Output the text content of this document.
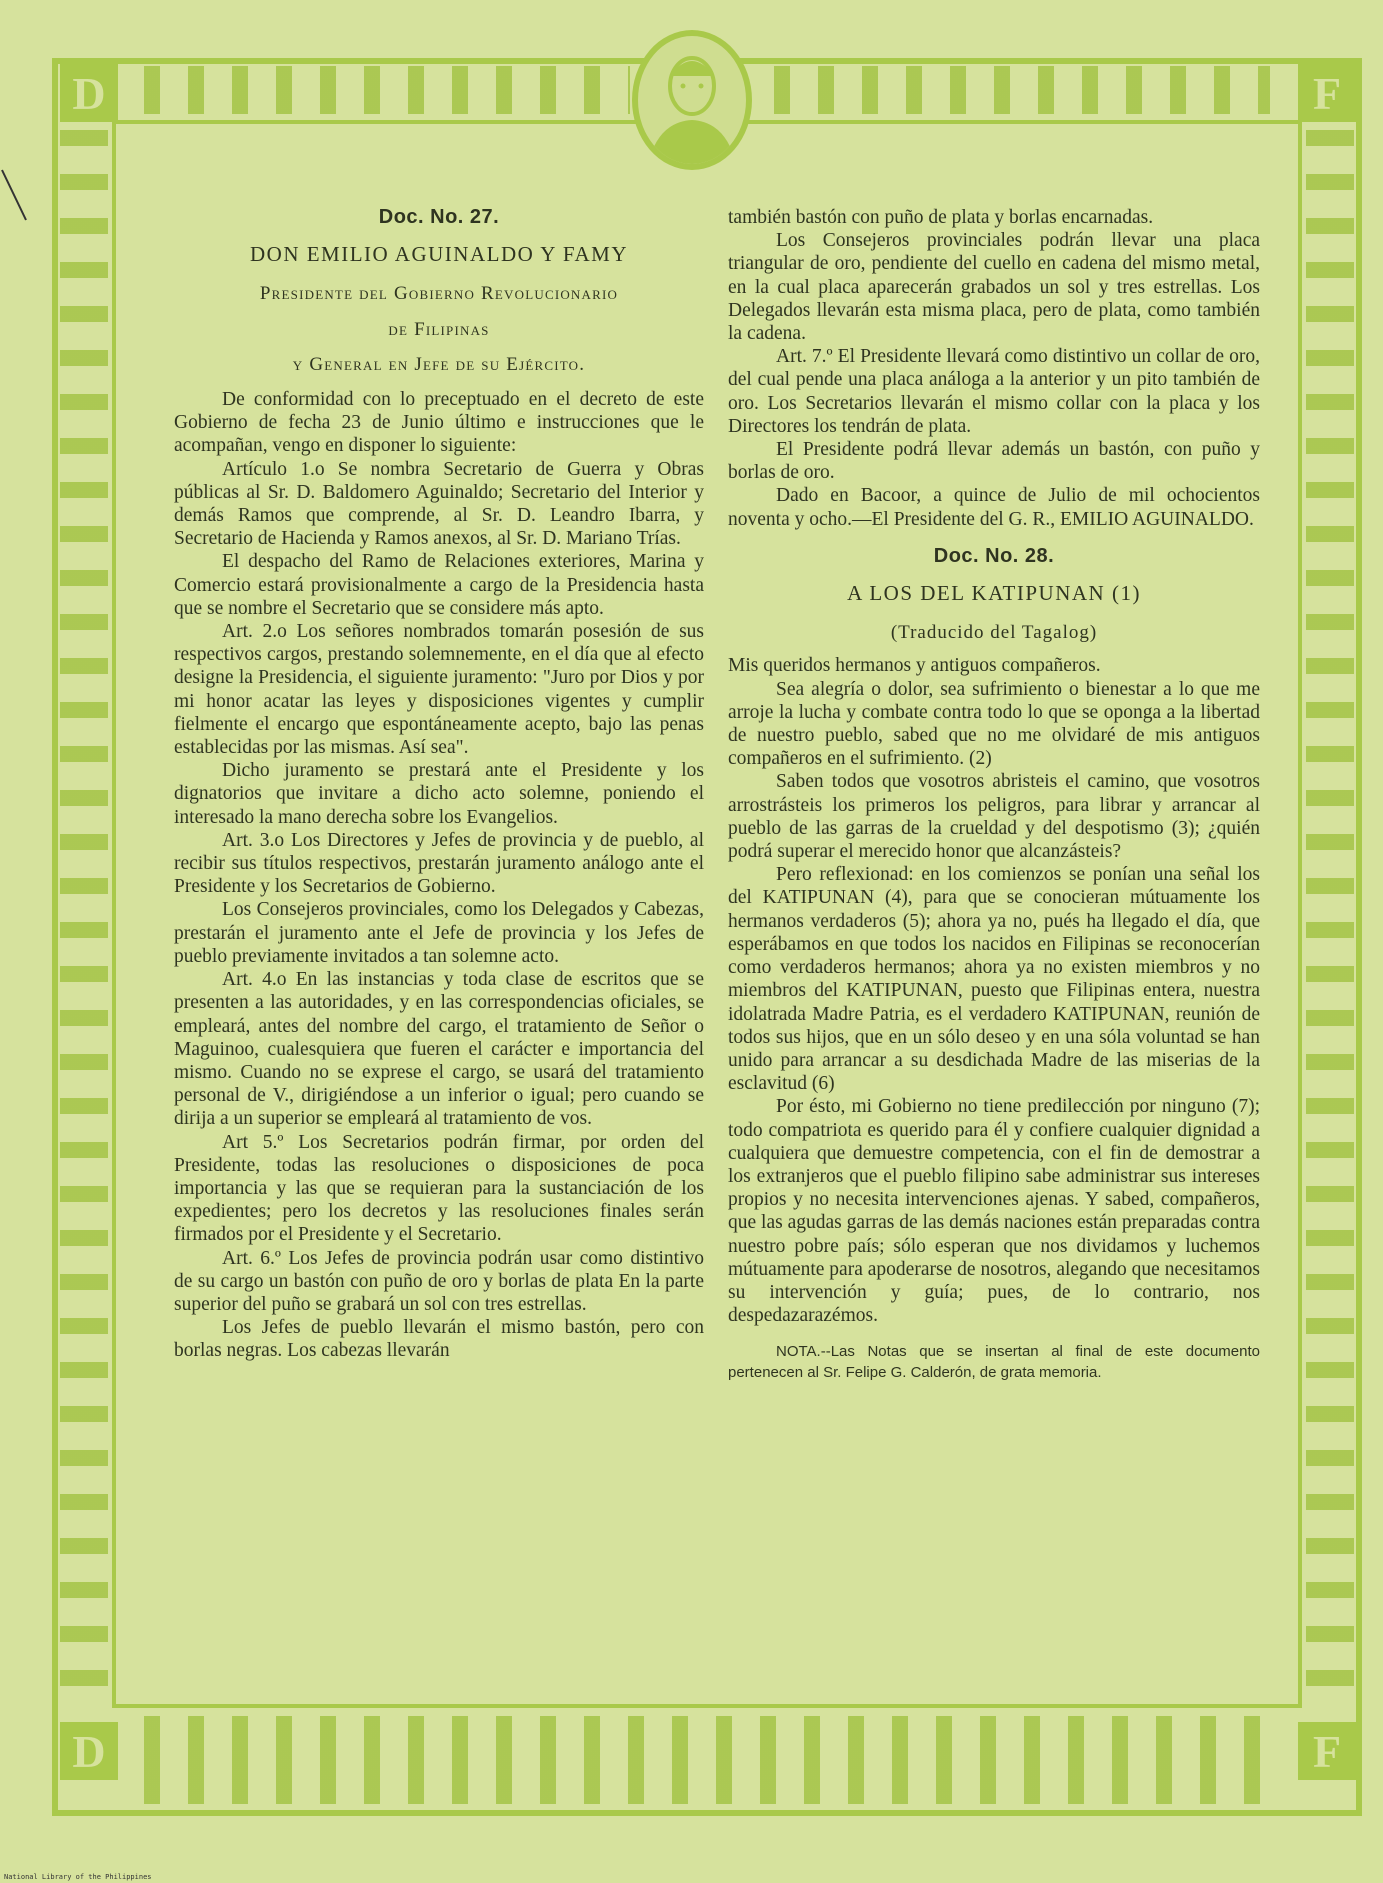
D	F
D	F
Doc. No. 27.
DON EMILIO AGUINALDO Y FAMY
Presidente del Gobierno Revolucionario
de Filipinas
y General en Jefe de su Ejército.

De conformidad con lo preceptuado en el decreto de este Gobierno de fecha 23 de Junio último e instrucciones que le acompañan, vengo en disponer lo siguiente:

Artículo 1.o Se nombra Secretario de Guerra y Obras públicas al Sr. D. Baldomero Aguinaldo; Secretario del Interior y demás Ramos que comprende, al Sr. D. Leandro Ibarra, y Secretario de Hacienda y Ramos anexos, al Sr. D. Mariano Trías.

El despacho del Ramo de Relaciones exteriores, Marina y Comercio estará provisionalmente a cargo de la Presidencia hasta que se nombre el Secretario que se considere más apto.

Art. 2.o Los señores nombrados tomarán posesión de sus respectivos cargos, prestando solemnemente, en el día que al efecto designe la Presidencia, el siguiente juramento: "Juro por Dios y por mi honor acatar las leyes y disposiciones vigentes y cumplir fielmente el encargo que espontáneamente acepto, bajo las penas establecidas por las mismas. Así sea".

Dicho juramento se prestará ante el Presidente y los dignatorios que invitare a dicho acto solemne, poniendo el interesado la mano derecha sobre los Evangelios.

Art. 3.o Los Directores y Jefes de provincia y de pueblo, al recibir sus títulos respectivos, prestarán juramento análogo ante el Presidente y los Secretarios de Gobierno.

Los Consejeros provinciales, como los Delegados y Cabezas, prestarán el juramento ante el Jefe de provincia y los Jefes de pueblo previamente invitados a tan solemne acto.

Art. 4.o En las instancias y toda clase de escritos que se presenten a las autoridades, y en las correspondencias oficiales, se empleará, antes del nombre del cargo, el tratamiento de Señor o Maguinoo, cualesquiera que fueren el carácter e importancia del mismo. Cuando no se exprese el cargo, se usará del tratamiento personal de V., dirigiéndose a un inferior o igual; pero cuando se dirija a un superior se empleará al tratamiento de vos.

Art 5.º Los Secretarios podrán firmar, por orden del Presidente, todas las resoluciones o disposiciones de poca importancia y las que se requieran para la sustanciación de los expedientes; pero los decretos y las resoluciones finales serán firmados por el Presidente y el Secretario.

Art. 6.º Los Jefes de provincia podrán usar como distintivo de su cargo un bastón con puño de oro y borlas de plata En la parte superior del puño se grabará un sol con tres estrellas.

Los Jefes de pueblo llevarán el mismo bastón, pero con borlas negras. Los cabezas llevarán

también bastón con puño de plata y borlas encarnadas.

Los Consejeros provinciales podrán llevar una placa triangular de oro, pendiente del cuello en cadena del mismo metal, en la cual placa aparecerán grabados un sol y tres estrellas. Los Delegados llevarán esta misma placa, pero de plata, como también la cadena.

Art. 7.º El Presidente llevará como distintivo un collar de oro, del cual pende una placa análoga a la anterior y un pito también de oro. Los Secretarios llevarán el mismo collar con la placa y los Directores los tendrán de plata.

El Presidente podrá llevar además un bastón, con puño y borlas de oro.

Dado en Bacoor, a quince de Julio de mil ochocientos noventa y ocho.—El Presidente del G. R., EMILIO AGUINALDO.

Doc. No. 28.
A LOS DEL KATIPUNAN (1)
(Traducido del Tagalog)

Mis queridos hermanos y antiguos compañeros.

Sea alegría o dolor, sea sufrimiento o bienestar a lo que me arroje la lucha y combate contra todo lo que se oponga a la libertad de nuestro pueblo, sabed que no me olvidaré de mis antiguos compañeros en el sufrimiento. (2)

Saben todos que vosotros abristeis el camino, que vosotros arrostrásteis los primeros los peligros, para librar y arrancar al pueblo de las garras de la crueldad y del despotismo (3); ¿quién podrá superar el merecido honor que alcanzásteis?

Pero reflexionad: en los comienzos se ponían una señal los del KATIPUNAN (4), para que se conocieran mútuamente los hermanos verdaderos (5); ahora ya no, pués ha llegado el día, que esperábamos en que todos los nacidos en Filipinas se reconocerían como verdaderos hermanos; ahora ya no existen miembros y no miembros del KATIPUNAN, puesto que Filipinas entera, nuestra idolatrada Madre Patria, es el verdadero KATIPUNAN, reunión de todos sus hijos, que en un sólo deseo y en una sóla voluntad se han unido para arrancar a su desdichada Madre de las miserias de la esclavitud (6)

Por ésto, mi Gobierno no tiene predilección por ninguno (7); todo compatriota es querido para él y confiere cualquier dignidad a cualquiera que demuestre competencia, con el fin de demostrar a los extranjeros que el pueblo filipino sabe administrar sus intereses propios y no necesita intervenciones ajenas. Y sabed, compañeros, que las agudas garras de las demás naciones están preparadas contra nuestro pobre país; sólo esperan que nos dividamos y luchemos mútuamente para apoderarse de nosotros, alegando que necesitamos su intervención y guía; pues, de lo contrario, nos despedazarazémos.

NOTA.--Las Notas que se insertan al final de este documento pertenecen al Sr. Felipe G. Calderón, de grata memoria.

National Library of the Philippines
